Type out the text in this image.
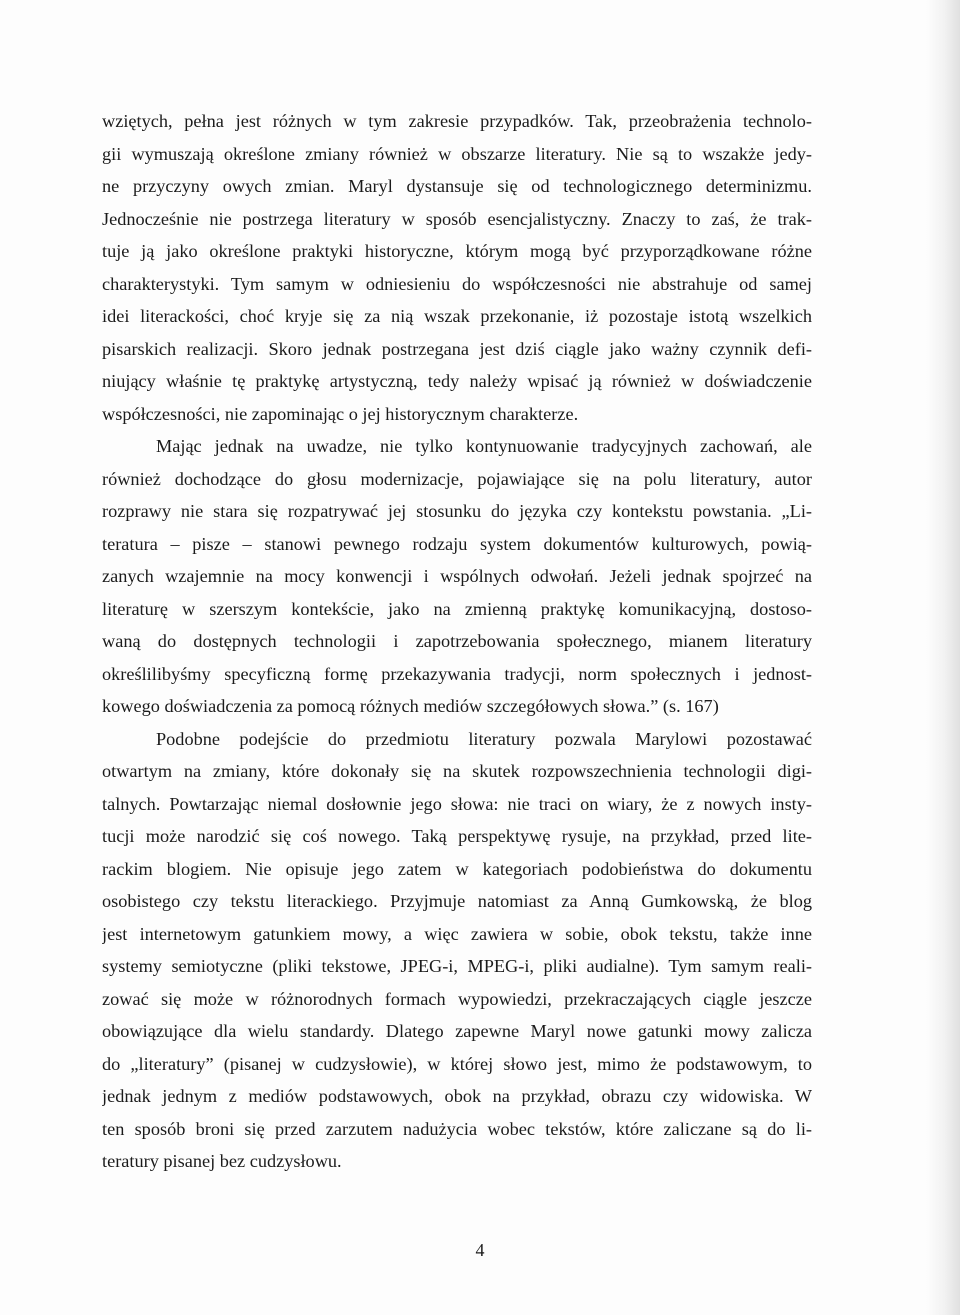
wziętych, pełna jest różnych w tym zakresie przypadków. Tak, przeobrażenia technolo-
gii wymuszają określone zmiany również w obszarze literatury. Nie są to wszakże jedy-
ne przyczyny owych zmian. Maryl dystansuje się od technologicznego determinizmu.
Jednocześnie nie postrzega literatury w sposób esencjalistyczny. Znaczy to zaś, że trak-
tuje ją jako określone praktyki historyczne, którym mogą być przyporządkowane różne
charakterystyki. Tym samym w odniesieniu do współczesności nie abstrahuje od samej
idei literackości, choć kryje się za nią wszak przekonanie, iż pozostaje istotą wszelkich
pisarskich realizacji. Skoro jednak postrzegana jest dziś ciągle jako ważny czynnik defi-
niujący właśnie tę praktykę artystyczną, tedy należy wpisać ją również w doświadczenie
współczesności, nie zapominając o jej historycznym charakterze.
Mając jednak na uwadze, nie tylko kontynuowanie tradycyjnych zachowań, ale
również dochodzące do głosu modernizacje, pojawiające się na polu literatury, autor
rozprawy nie stara się rozpatrywać jej stosunku do języka czy kontekstu powstania. „Li-
teratura – pisze – stanowi pewnego rodzaju system dokumentów kulturowych, powią-
zanych wzajemnie na mocy konwencji i wspólnych odwołań. Jeżeli jednak spojrzeć na
literaturę w szerszym kontekście, jako na zmienną praktykę komunikacyjną, dostoso-
waną do dostępnych technologii i zapotrzebowania społecznego, mianem literatury
określilibyśmy specyficzną formę przekazywania tradycji, norm społecznych i jednost-
kowego doświadczenia za pomocą różnych mediów szczegółowych słowa.” (s. 167)
Podobne podejście do przedmiotu literatury pozwala Marylowi pozostawać
otwartym na zmiany, które dokonały się na skutek rozpowszechnienia technologii digi-
talnych. Powtarzając niemal dosłownie jego słowa: nie traci on wiary, że z nowych insty-
tucji może narodzić się coś nowego. Taką perspektywę rysuje, na przykład, przed lite-
rackim blogiem. Nie opisuje jego zatem w kategoriach podobieństwa do dokumentu
osobistego czy tekstu literackiego. Przyjmuje natomiast za Anną Gumkowską, że blog
jest internetowym gatunkiem mowy, a więc zawiera w sobie, obok tekstu, także inne
systemy semiotyczne (pliki tekstowe, JPEG-i, MPEG-i, pliki audialne). Tym samym reali-
zować się może w różnorodnych formach wypowiedzi, przekraczających ciągle jeszcze
obowiązujące dla wielu standardy. Dlatego zapewne Maryl nowe gatunki mowy zalicza
do „literatury” (pisanej w cudzysłowie), w której słowo jest, mimo że podstawowym, to
jednak jednym z mediów podstawowych, obok na przykład, obrazu czy widowiska. W
ten sposób broni się przed zarzutem nadużycia wobec tekstów, które zaliczane są do li-
teratury pisanej bez cudzysłowu.
4
